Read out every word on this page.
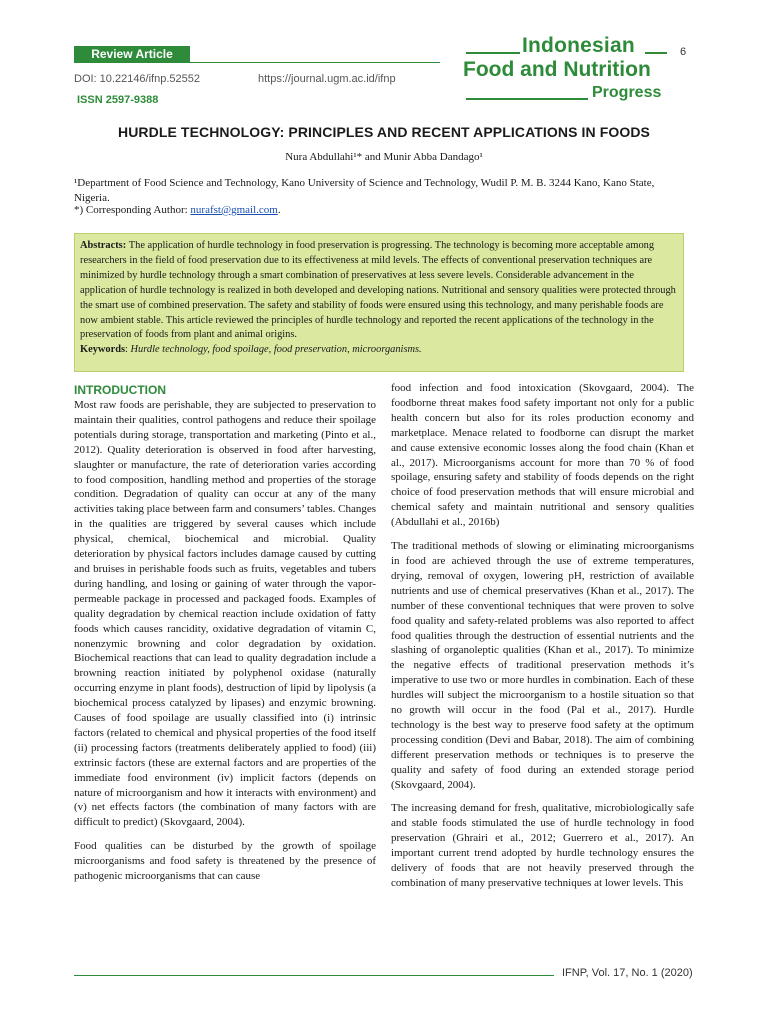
Review Article
DOI: 10.22146/ifnp.52552	https://journal.ugm.ac.id/ifnp
ISSN 2597-9388
Indonesian
Food and Nutrition
Progress
6
HURDLE TECHNOLOGY: PRINCIPLES AND RECENT APPLICATIONS IN FOODS
Nura Abdullahi¹* and Munir Abba Dandago¹
¹Department of Food Science and Technology, Kano University of Science and Technology, Wudil P. M. B. 3244 Kano, Kano State, Nigeria.
*) Corresponding Author: nurafst@gmail.com.

Abstracts: The application of hurdle technology in food preservation is progressing. The technology is becoming more acceptable among researchers in the field of food preservation due to its effectiveness at mild levels. The effects of conventional preservation techniques are minimized by hurdle technology through a smart combination of preservatives at less severe levels. Considerable advancement in the application of hurdle technology is realized in both developed and developing nations. Nutritional and sensory qualities were protected through the smart use of combined preservation. The safety and stability of foods were ensured using this technology, and many perishable foods are now ambient stable. This article reviewed the principles of hurdle technology and reported the recent applications of the technology in the preservation of foods from plant and animal origins.

Keywords: Hurdle technology, food spoilage, food preservation, microorganisms.

INTRODUCTION

Most raw foods are perishable, they are subjected to preservation to maintain their qualities, control pathogens and reduce their spoilage potentials during storage, transportation and marketing (Pinto et al., 2012). Quality deterioration is observed in food after harvesting, slaughter or manufacture, the rate of deterioration varies according to food composition, handling method and properties of the storage condition. Degradation of quality can occur at any of the many activities taking place between farm and consumers’ tables. Changes in the qualities are triggered by several causes which include physical, chemical, biochemical and microbial. Quality deterioration by physical factors includes damage caused by cutting and bruises in perishable foods such as fruits, vegetables and tubers during handling, and losing or gaining of water through the vapor-permeable package in processed and packaged foods. Examples of quality degradation by chemical reaction include oxidation of fatty foods which causes rancidity, oxidative degradation of vitamin C, nonenzymic browning and color degradation by oxidation. Biochemical reactions that can lead to quality degradation include a browning reaction initiated by polyphenol oxidase (naturally occurring enzyme in plant foods), destruction of lipid by lipolysis (a biochemical process catalyzed by lipases) and enzymic browning. Causes of food spoilage are usually classified into (i) intrinsic factors (related to chemical and physical properties of the food itself (ii) processing factors (treatments deliberately applied to food) (iii) extrinsic factors (these are external factors and are properties of the immediate food environment (iv) implicit factors (depends on nature of microorganism and how it interacts with environment) and (v) net effects factors (the combination of many factors with are difficult to predict) (Skovgaard, 2004).

Food qualities can be disturbed by the growth of spoilage microorganisms and food safety is threatened by the presence of pathogenic microorganisms that can cause

food infection and food intoxication (Skovgaard, 2004). The foodborne threat makes food safety important not only for a public health concern but also for its roles production economy and marketplace. Menace related to foodborne can disrupt the market and cause extensive economic losses along the food chain (Khan et al., 2017). Microorganisms account for more than 70 % of food spoilage, ensuring safety and stability of foods depends on the right choice of food preservation methods that will ensure microbial and chemical safety and maintain nutritional and sensory qualities (Abdullahi et al., 2016b)

The traditional methods of slowing or eliminating microorganisms in food are achieved through the use of extreme temperatures, drying, removal of oxygen, lowering pH, restriction of available nutrients and use of chemical preservatives (Khan et al., 2017). The number of these conventional techniques that were proven to solve food quality and safety-related problems was also reported to affect food qualities through the destruction of essential nutrients and the slashing of organoleptic qualities (Khan et al., 2017). To minimize the negative effects of traditional preservation methods it’s imperative to use two or more hurdles in combination. Each of these hurdles will subject the microorganism to a hostile situation so that no growth will occur in the food (Pal et al., 2017). Hurdle technology is the best way to preserve food safety at the optimum processing condition (Devi and Babar, 2018). The aim of combining different preservation methods or techniques is to preserve the quality and safety of food during an extended storage period (Skovgaard, 2004).

The increasing demand for fresh, qualitative, microbiologically safe and stable foods stimulated the use of hurdle technology in food preservation (Ghrairi et al., 2012; Guerrero et al., 2017). An important current trend adopted by hurdle technology ensures the delivery of foods that are not heavily preserved through the combination of many preservative techniques at lower levels. This

IFNP, Vol. 17, No. 1 (2020)
